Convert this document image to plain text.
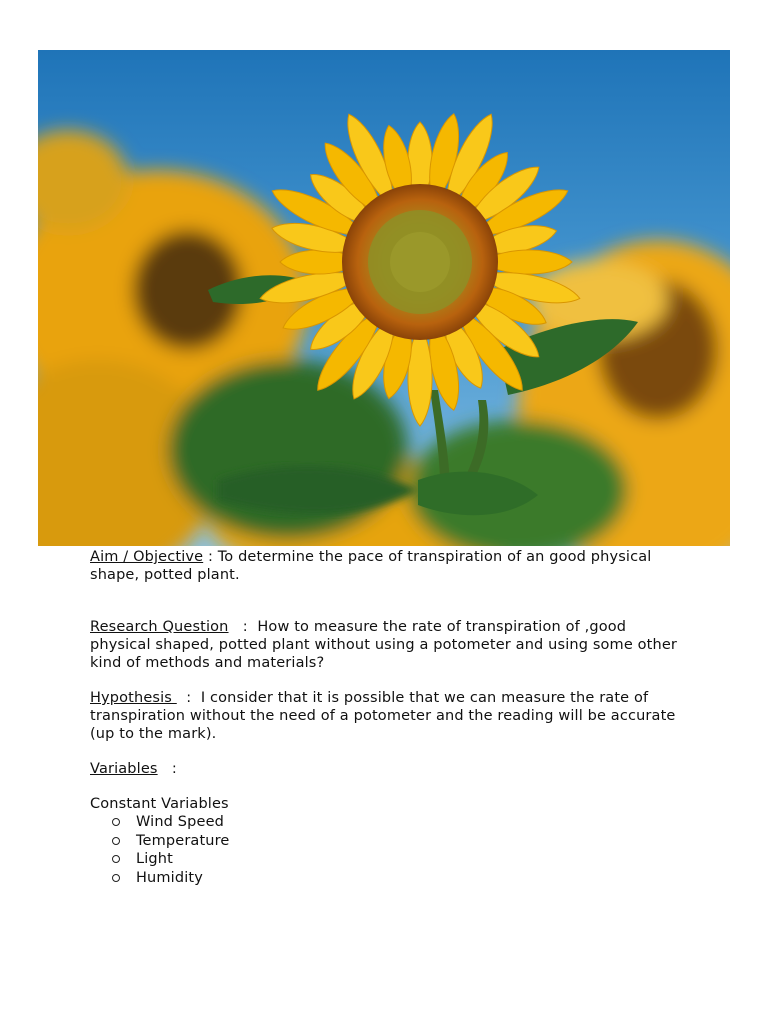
Aim / Objective : To determine the pace of transpiration of an good physical shape, potted plant.

Research Question   :  How to measure the rate of transpiration of ,good physical shaped, potted plant without using a potometer and using some other kind of methods and materials?

Hypothesis   :  I consider that it is possible that we can measure the rate of transpiration without the need of a potometer and the reading will be accurate (up to the mark).

Variables   :

Constant Variables

Wind Speed
Temperature
Light
Humidity
